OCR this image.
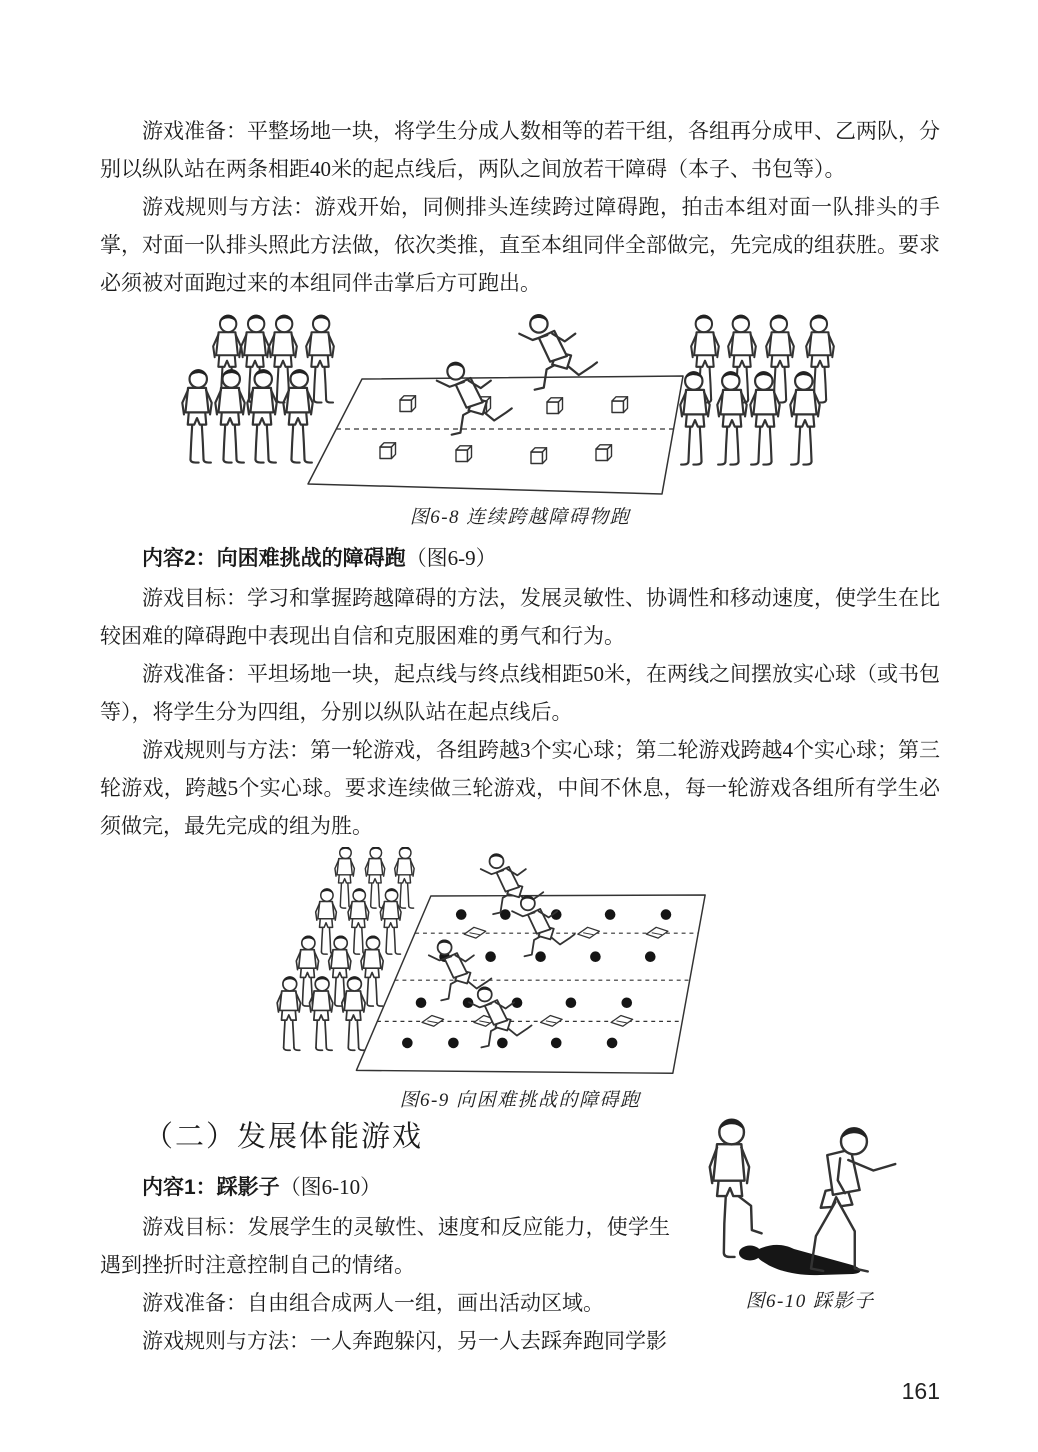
游戏准备：平整场地一块，将学生分成人数相等的若干组，各组再分成甲、乙两队，分别以纵队站在两条相距40米的起点线后，两队之间放若干障碍（本子、书包等）。

游戏规则与方法：游戏开始，同侧排头连续跨过障碍跑，拍击本组对面一队排头的手掌，对面一队排头照此方法做，依次类推，直至本组同伴全部做完，先完成的组获胜。要求必须被对面跑过来的本组同伴击掌后方可跑出。

图6-8 连续跨越障碍物跑

内容2：向困难挑战的障碍跑（图6-9）

游戏目标：学习和掌握跨越障碍的方法，发展灵敏性、协调性和移动速度，使学生在比较困难的障碍跑中表现出自信和克服困难的勇气和行为。

游戏准备：平坦场地一块，起点线与终点线相距50米，在两线之间摆放实心球（或书包等），将学生分为四组，分别以纵队站在起点线后。

游戏规则与方法：第一轮游戏，各组跨越3个实心球；第二轮游戏跨越4个实心球；第三轮游戏，跨越5个实心球。要求连续做三轮游戏，中间不休息，每一轮游戏各组所有学生必须做完，最先完成的组为胜。

图6-9 向困难挑战的障碍跑
图6-10 踩影子
（二）发展体能游戏

内容1：踩影子（图6-10）

游戏目标：发展学生的灵敏性、速度和反应能力，使学生遇到挫折时注意控制自己的情绪。

游戏准备：自由组合成两人一组，画出活动区域。

游戏规则与方法：一人奔跑躲闪，另一人去踩奔跑同学影

161
